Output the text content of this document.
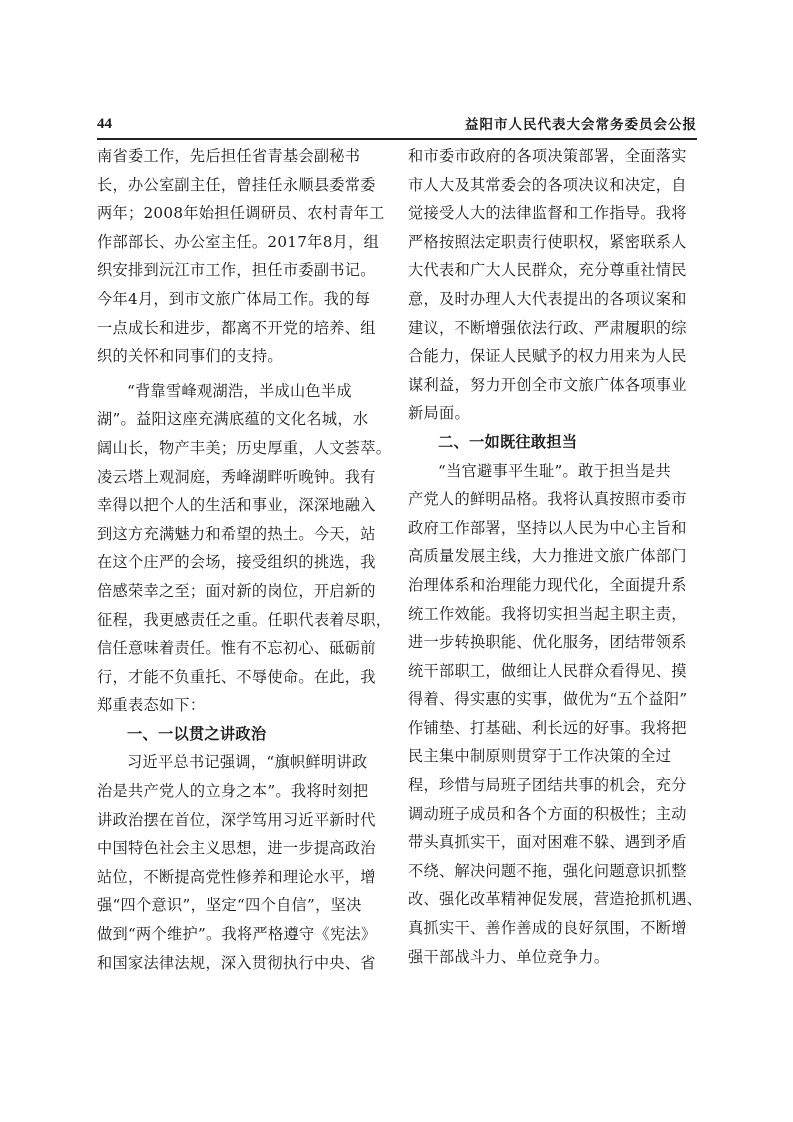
44	益阳市人民代表大会常务委员会公报
南省委工作，先后担任省青基会副秘书
长，办公室副主任，曾挂任永顺县委常委
两年；2008年始担任调研员、农村青年工
作部部长、办公室主任。2017年8月，组
织安排到沅江市工作，担任市委副书记。
今年4月，到市文旅广体局工作。我的每
一点成长和进步，都离不开党的培养、组
织的关怀和同事们的支持。
“背靠雪峰观湖浩，半成山色半成
湖”。益阳这座充满底蕴的文化名城，水
阔山长，物产丰美；历史厚重，人文荟萃。
凌云塔上观洞庭，秀峰湖畔听晚钟。我有
幸得以把个人的生活和事业，深深地融入
到这方充满魅力和希望的热土。今天，站
在这个庄严的会场，接受组织的挑选，我
倍感荣幸之至；面对新的岗位，开启新的
征程，我更感责任之重。任职代表着尽职，
信任意味着责任。惟有不忘初心、砥砺前
行，才能不负重托、不辱使命。在此，我
郑重表态如下：
一、一以贯之讲政治
习近平总书记强调，“旗帜鲜明讲政
治是共产党人的立身之本”。我将时刻把
讲政治摆在首位，深学笃用习近平新时代
中国特色社会主义思想，进一步提高政治
站位，不断提高党性修养和理论水平，增
强“四个意识”，坚定“四个自信”，坚决
做到“两个维护”。我将严格遵守《宪法》
和国家法律法规，深入贯彻执行中央、省
和市委市政府的各项决策部署，全面落实
市人大及其常委会的各项决议和决定，自
觉接受人大的法律监督和工作指导。我将
严格按照法定职责行使职权，紧密联系人
大代表和广大人民群众，充分尊重社情民
意，及时办理人大代表提出的各项议案和
建议，不断增强依法行政、严肃履职的综
合能力，保证人民赋予的权力用来为人民
谋利益，努力开创全市文旅广体各项事业
新局面。
二、一如既往敢担当
“当官避事平生耻”。敢于担当是共
产党人的鲜明品格。我将认真按照市委市
政府工作部署，坚持以人民为中心主旨和
高质量发展主线，大力推进文旅广体部门
治理体系和治理能力现代化，全面提升系
统工作效能。我将切实担当起主职主责，
进一步转换职能、优化服务，团结带领系
统干部职工，做细让人民群众看得见、摸
得着、得实惠的实事，做优为“五个益阳”
作铺垫、打基础、利长远的好事。我将把
民主集中制原则贯穿于工作决策的全过
程，珍惜与局班子团结共事的机会，充分
调动班子成员和各个方面的积极性；主动
带头真抓实干，面对困难不躲、遇到矛盾
不绕、解决问题不拖，强化问题意识抓整
改、强化改革精神促发展，营造抢抓机遇、
真抓实干、善作善成的良好氛围，不断增
强干部战斗力、单位竞争力。
